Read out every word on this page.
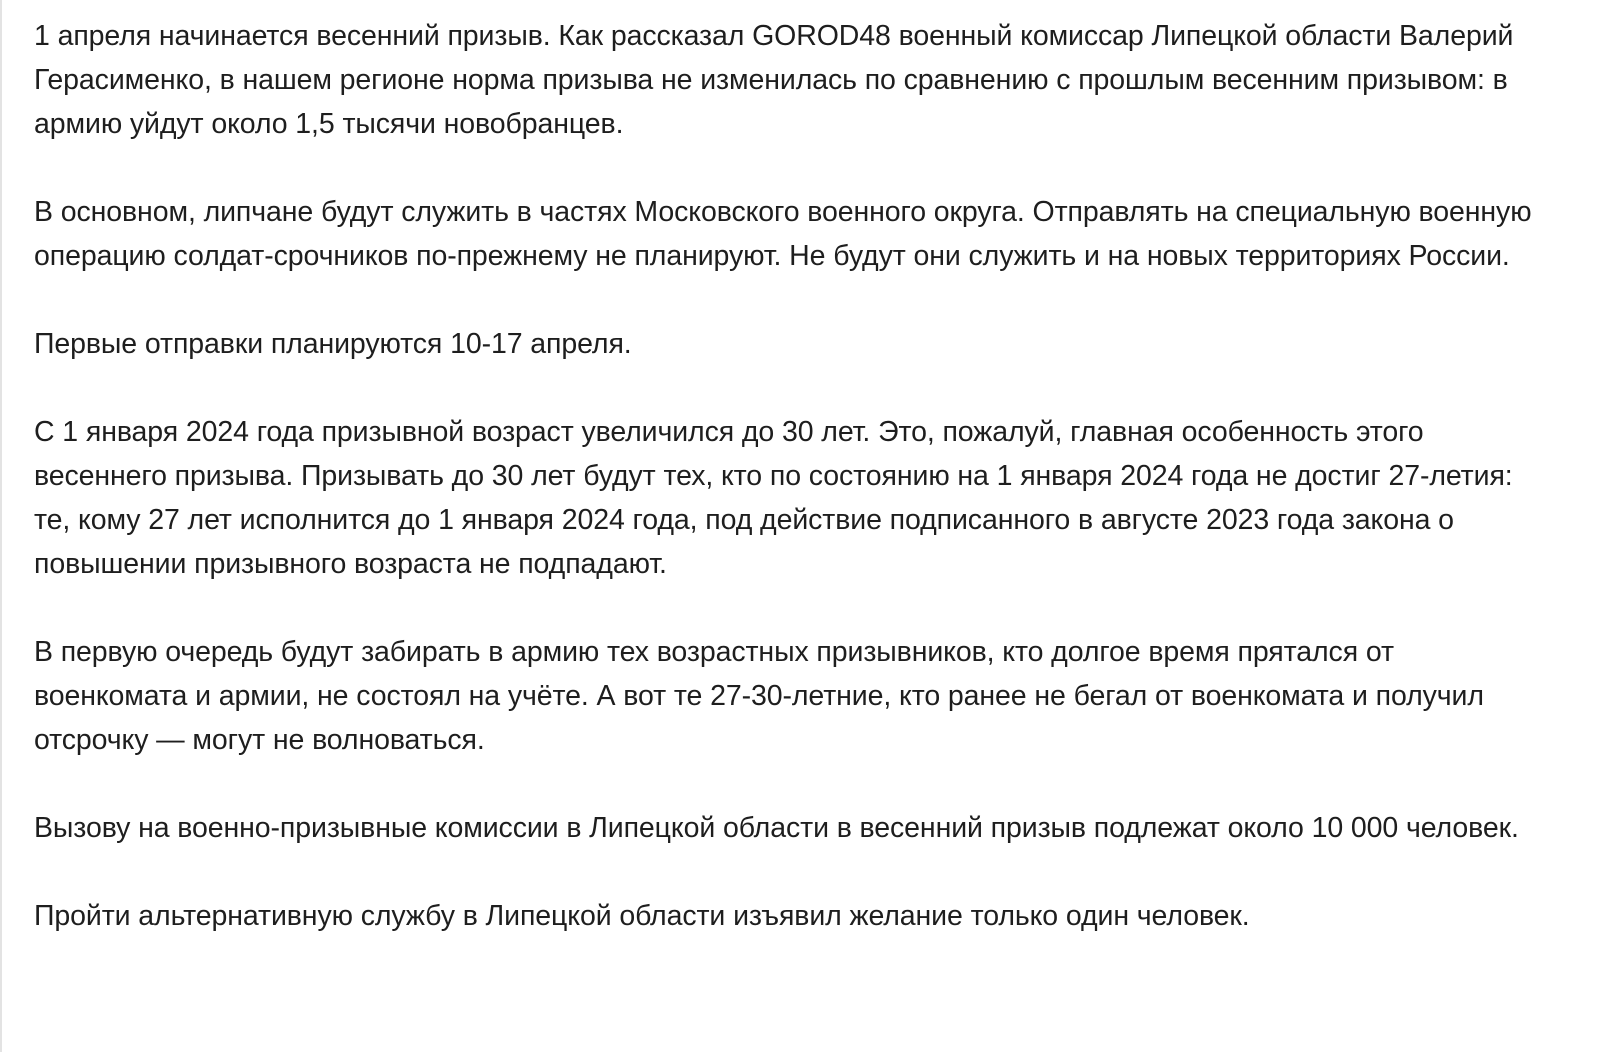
1 апреля начинается весенний призыв. Как рассказал GOROD48 военный комиссар Липецкой области Валерий Герасименко, в нашем регионе норма призыва не изменилась по сравнению с прошлым весенним призывом: в армию уйдут около 1,5 тысячи новобранцев.

В основном, липчане будут служить в частях Московского военного округа. Отправлять на специальную военную операцию солдат-срочников по-прежнему не планируют. Не будут они служить и на новых территориях России.

Первые отправки планируются 10-17 апреля.

С 1 января 2024 года призывной возраст увеличился до 30 лет. Это, пожалуй, главная особенность этого весеннего призыва. Призывать до 30 лет будут тех, кто по состоянию на 1 января 2024 года не достиг 27-летия: те, кому 27 лет исполнится до 1 января 2024 года, под действие подписанного в августе 2023 года закона о повышении призывного возраста не подпадают.

В первую очередь будут забирать в армию тех возрастных призывников, кто долгое время прятался от военкомата и армии, не состоял на учёте. А вот те 27-30-летние, кто ранее не бегал от военкомата и получил отсрочку — могут не волноваться.

Вызову на военно-призывные комиссии в Липецкой области в весенний призыв подлежат около 10 000 человек.

Пройти альтернативную службу в Липецкой области изъявил желание только один человек.
